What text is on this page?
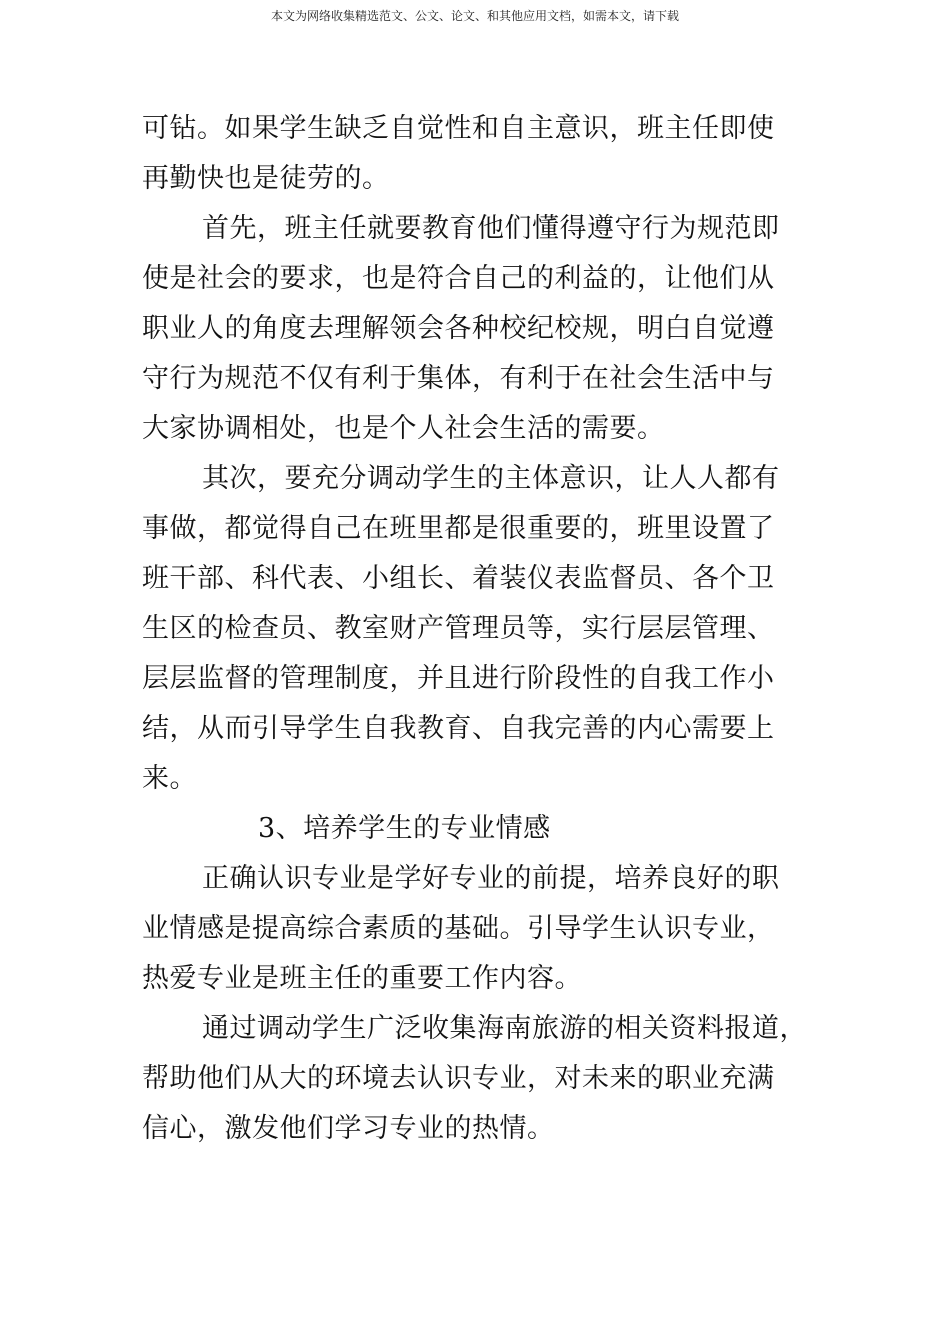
本文为网络收集精选范文、公文、论文、和其他应用文档，如需本文，请下载
可钻。如果学生缺乏自觉性和自主意识，班主任即使
再勤快也是徒劳的。
首先，班主任就要教育他们懂得遵守行为规范即
使是社会的要求，也是符合自己的利益的，让他们从
职业人的角度去理解领会各种校纪校规，明白自觉遵
守行为规范不仅有利于集体，有利于在社会生活中与
大家协调相处，也是个人社会生活的需要。
其次，要充分调动学生的主体意识，让人人都有
事做，都觉得自己在班里都是很重要的，班里设置了
班干部、科代表、小组长、着装仪表监督员、各个卫
生区的检查员、教室财产管理员等，实行层层管理、
层层监督的管理制度，并且进行阶段性的自我工作小
结，从而引导学生自我教育、自我完善的内心需要上
来。
3、培养学生的专业情感
正确认识专业是学好专业的前提，培养良好的职
业情感是提高综合素质的基础。引导学生认识专业，
热爱专业是班主任的重要工作内容。
通过调动学生广泛收集海南旅游的相关资料报道，
帮助他们从大的环境去认识专业，对未来的职业充满
信心，激发他们学习专业的热情。
